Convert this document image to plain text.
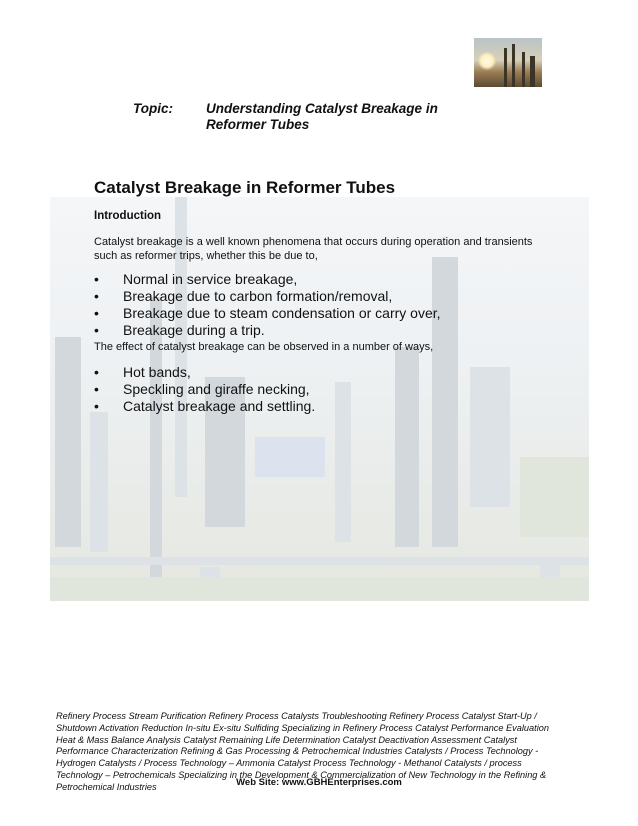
Topic: Understanding Catalyst Breakage in Reformer Tubes
Catalyst Breakage in Reformer Tubes
Introduction
Catalyst breakage is a well known phenomena that occurs during operation and transients such as reformer trips, whether this be due to,
• Normal in service breakage,
• Breakage due to carbon formation/removal,
• Breakage due to steam condensation or carry over,
• Breakage during a trip.
The effect of catalyst breakage can be observed in a number of ways,
• Hot bands,
• Speckling and giraffe necking,
• Catalyst breakage and settling.
Refinery Process Stream Purification Refinery Process Catalysts Troubleshooting Refinery Process Catalyst Start-Up / Shutdown Activation Reduction In-situ Ex-situ Sulfiding Specializing in Refinery Process Catalyst Performance Evaluation Heat & Mass Balance Analysis Catalyst Remaining Life Determination Catalyst Deactivation Assessment Catalyst Performance Characterization Refining & Gas Processing & Petrochemical Industries Catalysts / Process Technology - Hydrogen Catalysts / Process Technology – Ammonia Catalyst Process Technology - Methanol Catalysts / process Technology – Petrochemicals Specializing in the Development & Commercialization of New Technology in the Refining & Petrochemical Industries	Web Site: www.GBHEnterprises.com
